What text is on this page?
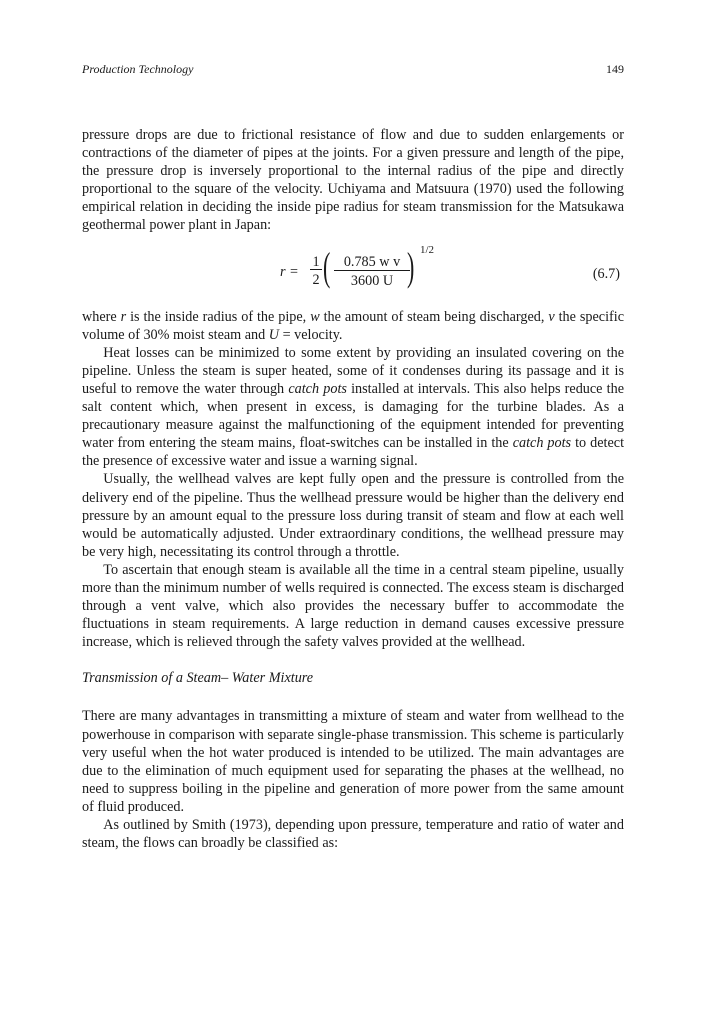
Production Technology	149

pressure drops are due to frictional resistance of flow and due to sudden enlargements or contractions of the diameter of pipes at the joints. For a given pressure and length of the pipe, the pressure drop is inversely proportional to the internal radius of the pipe and directly proportional to the square of the velocity. Uchiyama and Matsuura (1970) used the following empirical relation in deciding the inside pipe radius for steam transmission for the Matsukawa geothermal power plant in Japan:

$r = \frac{1}{2}$ ( $\frac{\text{0.785 w v}}{3600 U}$
) 1/2
(6.7)

where r is the inside radius of the pipe, w the amount of steam being discharged, v the specific volume of 30% moist steam and U = velocity.

Heat losses can be minimized to some extent by providing an insulated covering on the pipeline. Unless the steam is super heated, some of it condenses during its passage and it is useful to remove the water through catch pots installed at intervals. This also helps reduce the salt content which, when present in excess, is damaging for the turbine blades. As a precautionary measure against the malfunctioning of the equipment intended for preventing water from entering the steam mains, float-switches can be installed in the catch pots to detect the presence of excessive water and issue a warning signal.

Usually, the wellhead valves are kept fully open and the pressure is controlled from the delivery end of the pipeline. Thus the wellhead pressure would be higher than the delivery end pressure by an amount equal to the pressure loss during transit of steam and flow at each well would be automatically adjusted. Under extraordinary conditions, the wellhead pressure may be very high, necessitating its control through a throttle.

To ascertain that enough steam is available all the time in a central steam pipeline, usually more than the minimum number of wells required is connected. The excess steam is discharged through a vent valve, which also provides the necessary buffer to accommodate the fluctuations in steam requirements. A large reduction in demand causes excessive pressure increase, which is relieved through the safety valves provided at the wellhead.

Transmission of a Steam– Water Mixture

There are many advantages in transmitting a mixture of steam and water from wellhead to the powerhouse in comparison with separate single-phase transmission. This scheme is particularly very useful when the hot water produced is intended to be utilized. The main advantages are due to the elimination of much equipment used for separating the phases at the wellhead, no need to suppress boiling in the pipeline and generation of more power from the same amount of fluid produced.

As outlined by Smith (1973), depending upon pressure, temperature and ratio of water and steam, the flows can broadly be classified as:
